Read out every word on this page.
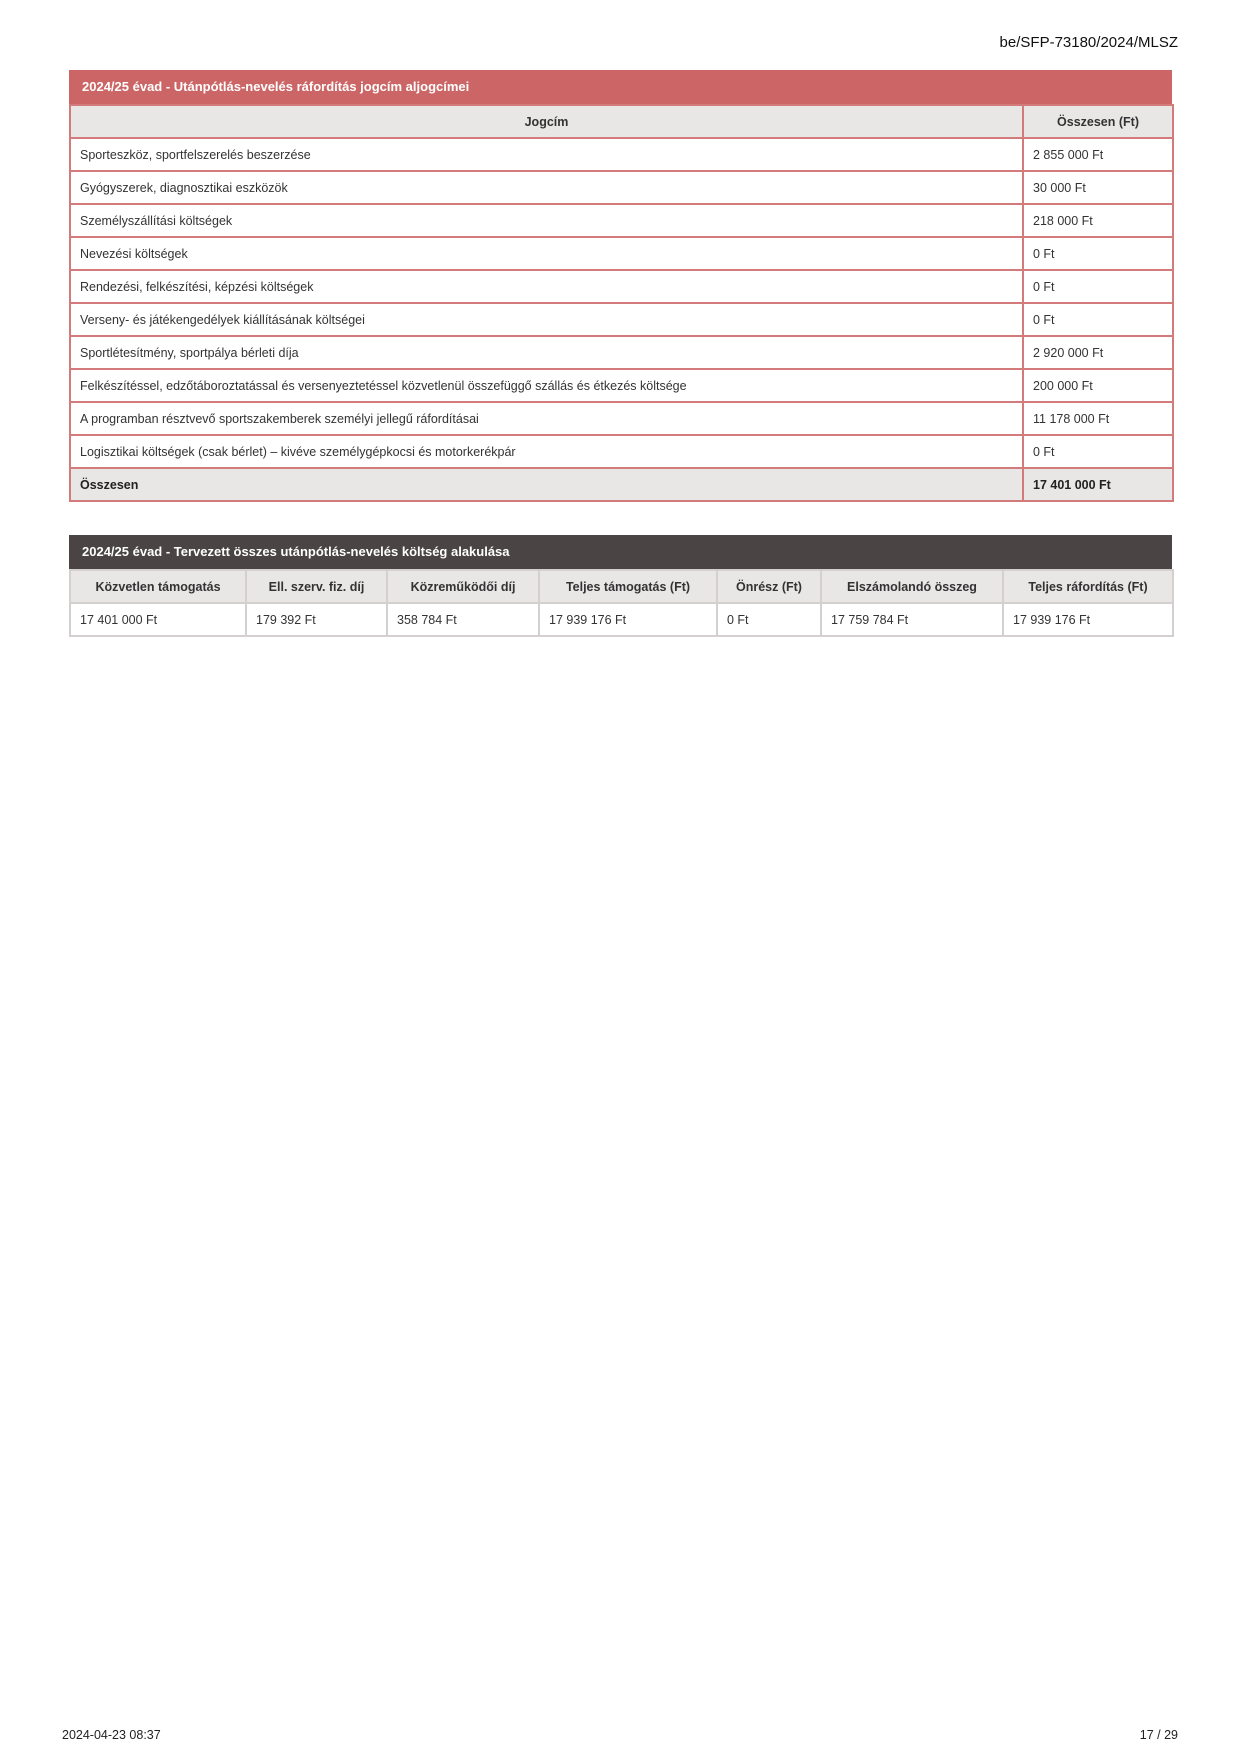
be/SFP-73180/2024/MLSZ
2024/25 évad - Utánpótlás-nevelés ráfordítás jogcím aljogcímei
Jogcím	Összesen (Ft)
Sporteszköz, sportfelszerelés beszerzése	2 855 000 Ft
Gyógyszerek, diagnosztikai eszközök	30 000 Ft
Személyszállítási költségek	218 000 Ft
Nevezési költségek	0 Ft
Rendezési, felkészítési, képzési költségek	0 Ft
Verseny- és játékengedélyek kiállításának költségei	0 Ft
Sportlétesítmény, sportpálya bérleti díja	2 920 000 Ft
Felkészítéssel, edzőtáboroztatással és versenyeztetéssel közvetlenül összefüggő szállás és étkezés költsége	200 000 Ft
A programban résztvevő sportszakemberek személyi jellegű ráfordításai	11 178 000 Ft
Logisztikai költségek (csak bérlet) – kivéve személygépkocsi és motorkerékpár	0 Ft
Összesen	17 401 000 Ft
2024/25 évad - Tervezett összes utánpótlás-nevelés költség alakulása
Közvetlen támogatás	Ell. szerv. fiz. díj	Közreműködői díj	Teljes támogatás (Ft)	Önrész (Ft)	Elszámolandó összeg	Teljes ráfordítás (Ft)
17 401 000 Ft	179 392 Ft	358 784 Ft	17 939 176 Ft	0 Ft	17 759 784 Ft	17 939 176 Ft
2024-04-23 08:37	17 / 29
